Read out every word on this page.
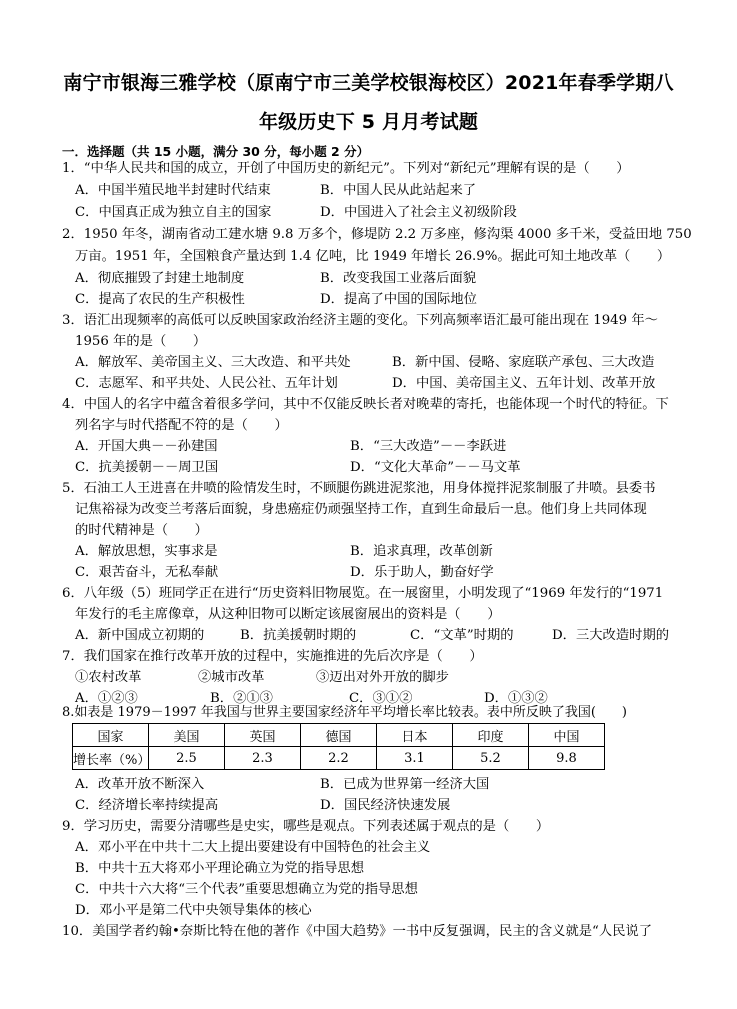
南宁市银海三雅学校（原南宁市三美学校银海校区）2021年春季学期八
年级历史下 5 月月考试题
一．选择题（共 15 小题，满分 30 分，每小题 2 分）
1．“中华人民共和国的成立，开创了中国历史的新纪元”。下列对“新纪元”理解有误的是（　　）
A．中国半殖民地半封建时代结束	B．中国人民从此站起来了
C．中国真正成为独立自主的国家	D．中国进入了社会主义初级阶段
2．1950 年冬，湖南省动工建水塘 9.8 万多个，修堤防 2.2 万多座，修沟渠 4000 多千米，受益田地 750
万亩。1951 年，全国粮食产量达到 1.4 亿吨，比 1949 年增长 26.9%。据此可知土地改革（　　）
A．彻底摧毁了封建土地制度	B．改变我国工业落后面貌
C．提高了农民的生产积极性	D．提高了中国的国际地位
3．语汇出现频率的高低可以反映国家政治经济主题的变化。下列高频率语汇最可能出现在 1949 年～
1956 年的是（　　）
A．解放军、美帝国主义、三大改造、和平共处	B．新中国、侵略、家庭联产承包、三大改造
C．志愿军、和平共处、人民公社、五年计划	D．中国、美帝国主义、五年计划、改革开放
4．中国人的名字中蕴含着很多学问，其中不仅能反映长者对晚辈的寄托，也能体现一个时代的特征。下
列名字与时代搭配不符的是（　　）
A．开国大典－－孙建国	B．“三大改造”－－李跃进
C．抗美援朝－－周卫国	D．“文化大革命”－－马文革
5．石油工人王进喜在井喷的险情发生时，不顾腿伤跳进泥浆池，用身体搅拌泥浆制服了井喷。县委书
记焦裕禄为改变兰考落后面貌，身患癌症仍顽强坚持工作，直到生命最后一息。他们身上共同体现
的时代精神是（　　）
A．解放思想，实事求是	B．追求真理，改革创新
C．艰苦奋斗，无私奉献	D．乐于助人，勤奋好学
6．八年级（5）班同学正在进行“历史资料旧物展览。在一展窗里，小明发现了“1969 年发行的“1971
年发行的毛主席像章，从这种旧物可以断定该展窗展出的资料是（　　）
A．新中国成立初期的	B．抗美援朝时期的	C．“文革”时期的	D．三大改造时期的
7．我们国家在推行改革开放的过程中，实施推进的先后次序是（　　）
①农村改革	②城市改革	③迈出对外开放的脚步
A．①②③	B．②①③	C．③①②	D．①③②
8.如表是 1979－1997 年我国与世界主要国家经济年平均增长率比较表。表中所反映了我国(　　)
国家	美国	英国	德国	日本	印度	中国
增长率（%）	2.5	2.3	2.2	3.1	5.2	9.8
A．改革开放不断深入	B．已成为世界第一经济大国
C．经济增长率持续提高	D．国民经济快速发展
9．学习历史，需要分清哪些是史实，哪些是观点。下列表述属于观点的是（　　）
A．邓小平在中共十二大上提出要建设有中国特色的社会主义
B．中共十五大将邓小平理论确立为党的指导思想
C．中共十六大将“三个代表”重要思想确立为党的指导思想
D．邓小平是第二代中央领导集体的核心
10．美国学者约翰•奈斯比特在他的著作《中国大趋势》一书中反复强调，民主的含义就是“人民说了
